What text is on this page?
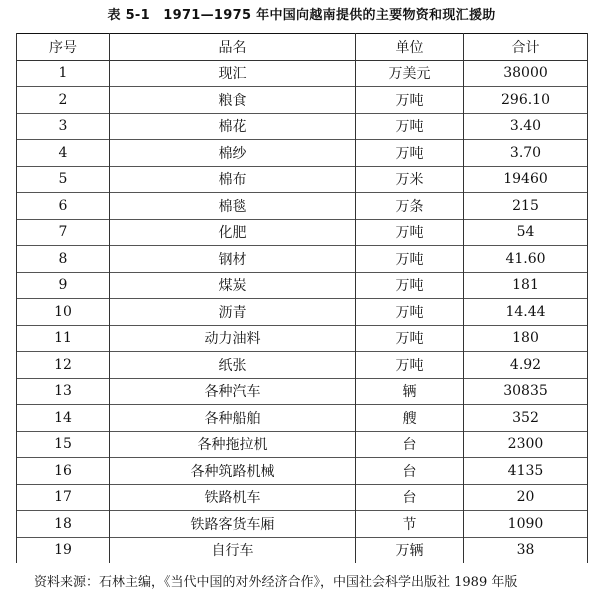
表 5-1　1971—1975 年中国向越南提供的主要物资和现汇援助
序号	品名	单位	合计
1	现汇	万美元	38000
2	粮食	万吨	296.10
3	棉花	万吨	3.40
4	棉纱	万吨	3.70
5	棉布	万米	19460
6	棉毯	万条	215
7	化肥	万吨	54
8	钢材	万吨	41.60
9	煤炭	万吨	181
10	沥青	万吨	14.44
11	动力油料	万吨	180
12	纸张	万吨	4.92
13	各种汽车	辆	30835
14	各种船舶	艘	352
15	各种拖拉机	台	2300
16	各种筑路机械	台	4135
17	铁路机车	台	20
18	铁路客货车厢	节	1090
19	自行车	万辆	38
资料来源：石林主编，《当代中国的对外经济合作》，中国社会科学出版社 1989 年版
